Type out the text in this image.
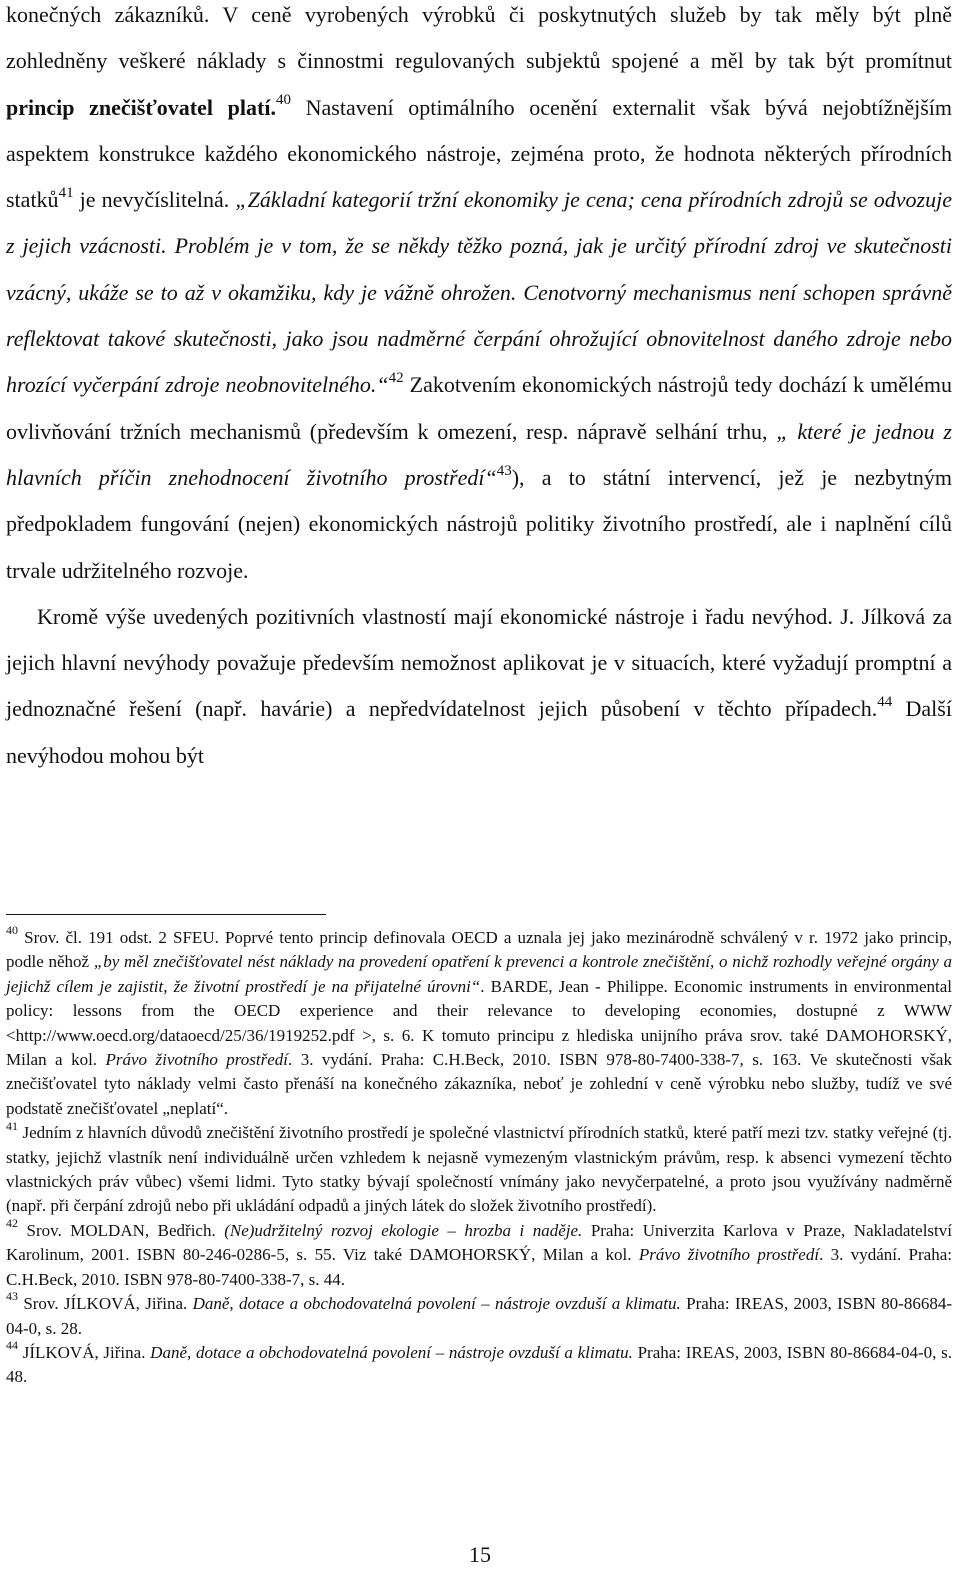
konečných zákazníků. V ceně vyrobených výrobků či poskytnutých služeb by tak měly být plně zohledněny veškeré náklady s činnostmi regulovaných subjektů spojené a měl by tak být promítnut princip znečišťovatel platí.$^{40}$ Nastavení optimálního ocenění externalit však bývá nejobtížnějším aspektem konstrukce každého ekonomického nástroje, zejména proto, že hodnota některých přírodních statků$^{41}$ je nevyčíslitelná. „Základní kategorií tržní ekonomiky je cena; cena přírodních zdrojů se odvozuje z jejich vzácnosti. Problém je v tom, že se někdy těžko pozná, jak je určitý přírodní zdroj ve skutečnosti vzácný, ukáže se to až v okamžiku, kdy je vážně ohrožen. Cenotvorný mechanismus není schopen správně reflektovat takové skutečnosti, jako jsou nadměrné čerpání ohrožující obnovitelnost daného zdroje nebo hrozící vyčerpání zdroje neobnovitelného.“$^{42}$ Zakotvením ekonomických nástrojů tedy dochází k umělému ovlivňování tržních mechanismů (především k omezení, resp. nápravě selhání trhu, „ které je jednou z hlavních příčin znehodnocení životního prostředí“$^{43}$), a to státní intervencí, jež je nezbytným předpokladem fungování (nejen) ekonomických nástrojů politiky životního prostředí, ale i naplnění cílů trvale udržitelného rozvoje.

Kromě výše uvedených pozitivních vlastností mají ekonomické nástroje i řadu nevýhod. J. Jílková za jejich hlavní nevýhody považuje především nemožnost aplikovat je v situacích, které vyžadují promptní a jednoznačné řešení (např. havárie) a nepředvídatelnost jejich působení v těchto případech.$^{44}$ Další nevýhodou mohou být

$^{40}$ Srov. čl. 191 odst. 2 SFEU. Poprvé tento princip definovala OECD a uznala jej jako mezinárodně schválený v r. 1972 jako princip, podle něhož „by měl znečišťovatel nést náklady na provedení opatření k prevenci a kontrole znečištění, o nichž rozhodly veřejné orgány a jejichž cílem je zajistit, že životní prostředí je na přijatelné úrovni“. BARDE, Jean - Philippe. Economic instruments in environmental policy: lessons from the OECD experience and their relevance to developing economies, dostupné z WWW <http://www.oecd.org/dataoecd/25/36/1919252.pdf >, s. 6. K tomuto principu z hlediska unijního práva srov. také DAMOHORSKÝ, Milan a kol. Právo životního prostředí. 3. vydání. Praha: C.H.Beck, 2010. ISBN 978-80-7400-338-7, s. 163. Ve skutečnosti však znečišťovatel tyto náklady velmi často přenáší na konečného zákazníka, neboť je zohlední v ceně výrobku nebo služby, tudíž ve své podstatě znečišťovatel „neplatí“.

$^{41}$ Jedním z hlavních důvodů znečištění životního prostředí je společné vlastnictví přírodních statků, které patří mezi tzv. statky veřejné (tj. statky, jejichž vlastník není individuálně určen vzhledem k nejasně vymezeným vlastnickým právům, resp. k absenci vymezení těchto vlastnických práv vůbec) všemi lidmi. Tyto statky bývají společností vnímány jako nevyčerpatelné, a proto jsou využívány nadměrně (např. při čerpání zdrojů nebo při ukládání odpadů a jiných látek do složek životního prostředí).

$^{42}$ Srov. MOLDAN, Bedřich. (Ne)udržitelný rozvoj ekologie – hrozba i naděje. Praha: Univerzita Karlova v Praze, Nakladatelství Karolinum, 2001. ISBN 80-246-0286-5, s. 55. Viz také DAMOHORSKÝ, Milan a kol. Právo životního prostředí. 3. vydání. Praha: C.H.Beck, 2010. ISBN 978-80-7400-338-7, s. 44.

$^{43}$ Srov. JÍLKOVÁ, Jiřina. Daně, dotace a obchodovatelná povolení – nástroje ovzduší a klimatu. Praha: IREAS, 2003, ISBN 80-86684-04-0, s. 28.

$^{44}$ JÍLKOVÁ, Jiřina. Daně, dotace a obchodovatelná povolení – nástroje ovzduší a klimatu. Praha: IREAS, 2003, ISBN 80-86684-04-0, s. 48.

15
